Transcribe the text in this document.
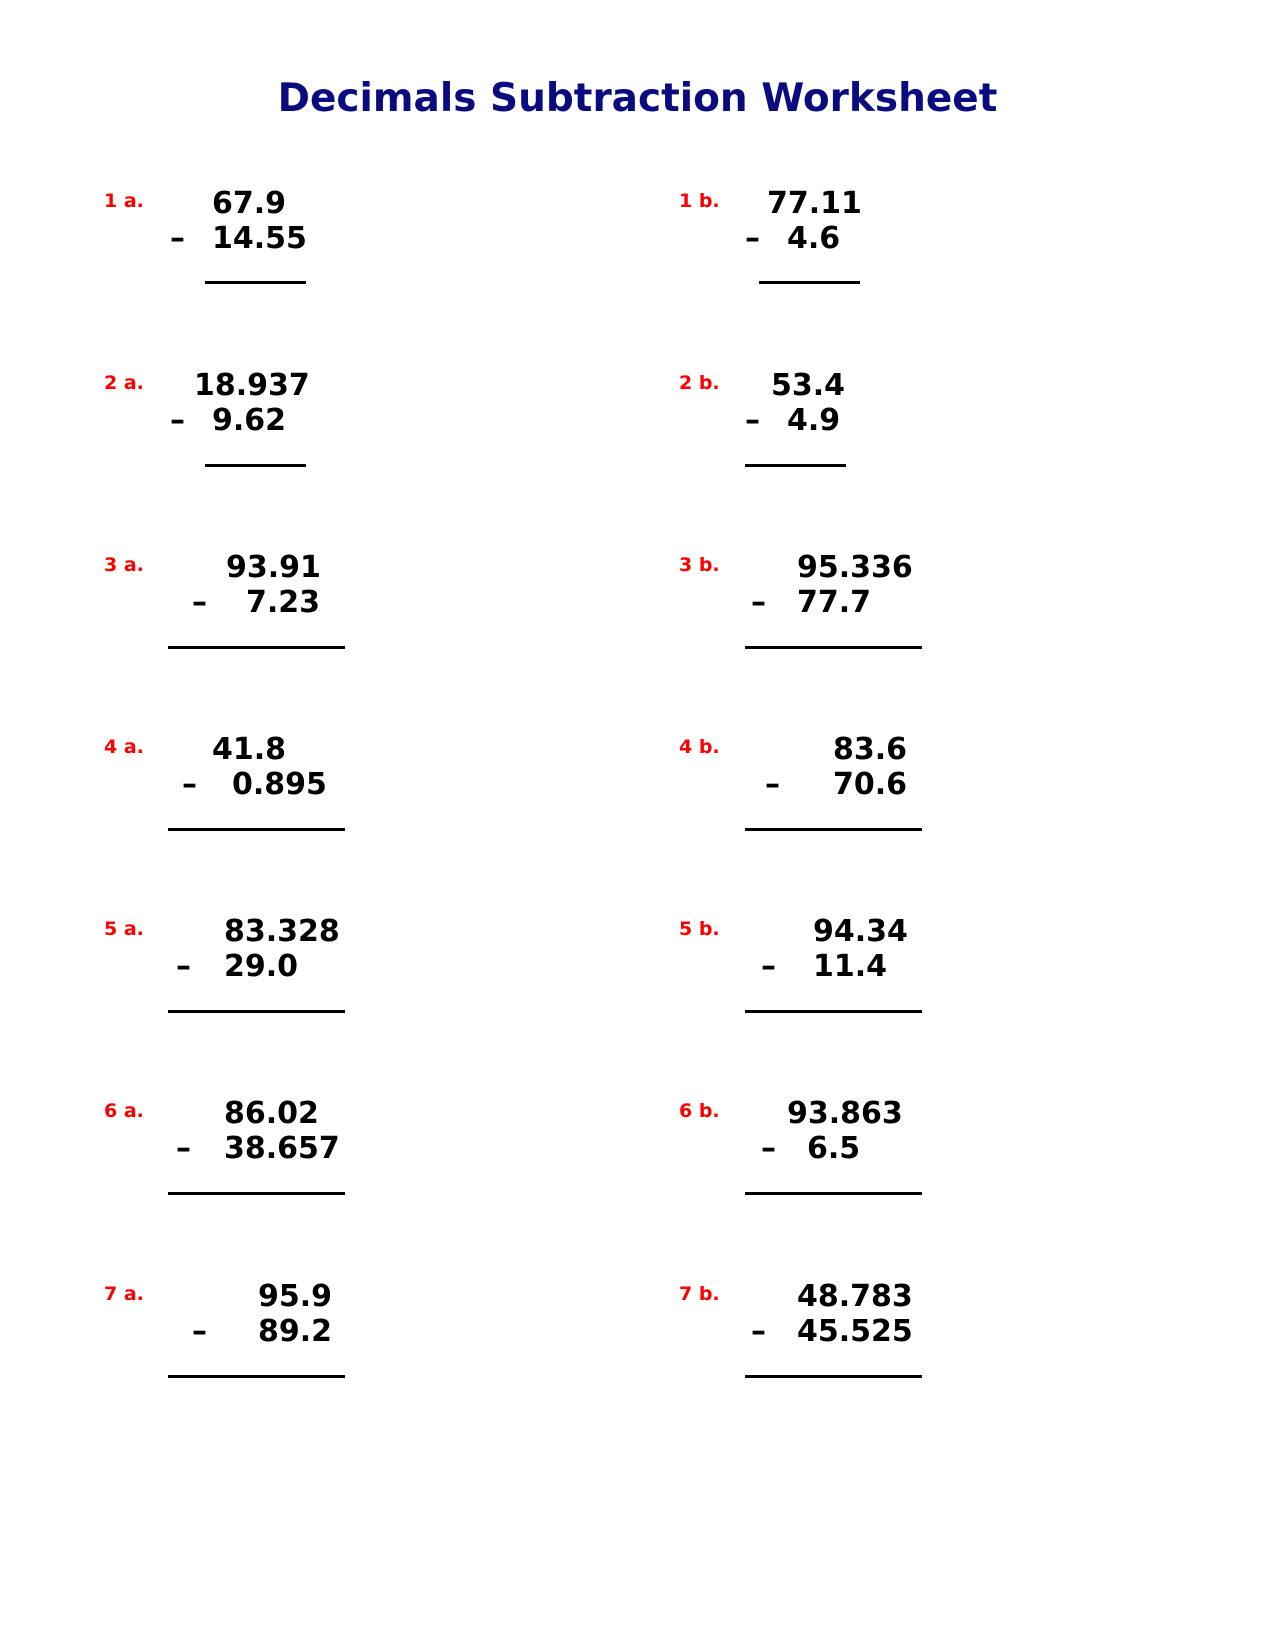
Decimals Subtraction Worksheet
1 a. 67.9
– 14.55
1 b. 77.11
– 4.6
2 a. 18.937
– 9.62
2 b. 53.4
– 4.9
3 a.	93.91
– 7.23
3 b.	95.336
– 77.7
4 a. 41.8
– 0.895
4 b.	83.6
– 70.6
5 a.	83.328
– 29.0
5 b.	94.34
– 11.4
6 a.	86.02
– 38.657
6 b. 93.863
– 6.5
7 a.	95.9
– 89.2
7 b.	48.783
– 45.525
